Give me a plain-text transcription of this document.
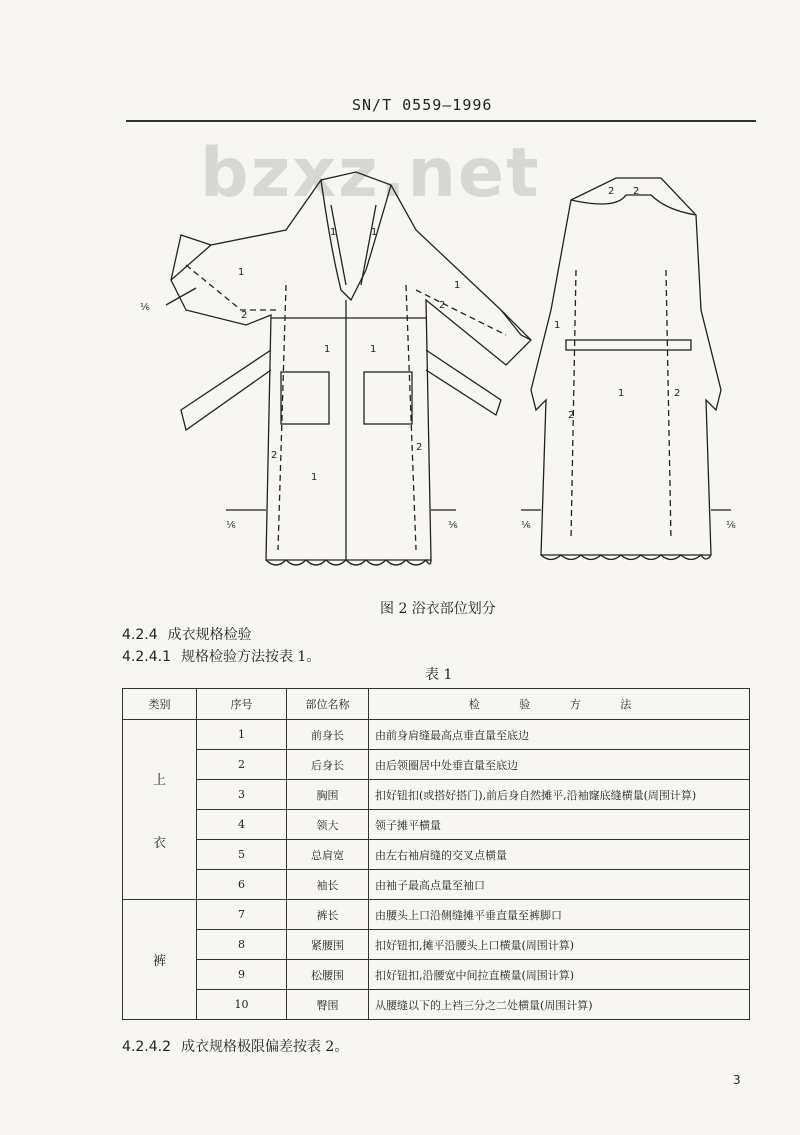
SN/T 0559—1996
bzxz.net
1	1
1
1
1	1
1
2
2
2
2
2 2
1
1
2
2
⅙
⅙	⅙	⅙	⅙
图 2 浴衣部位划分
4.2.4 成衣规格检验
4.2.4.1 规格检验方法按表 1。
表 1
类别	序号	部位名称	检 验 方 法

上
衣	1	前身长	由前身肩缝最高点垂直量至底边
	2	后身长	由后领圈居中处垂直量至底边
	3	胸围	扣好钮扣(或搭好搭门),前后身自然摊平,沿袖窿底缝横量(周围计算)
	4	领大	领子摊平横量
	5	总肩宽	由左右袖肩缝的交叉点横量
	6	袖长	由袖子最高点量至袖口
裤	7	裤长	由腰头上口沿侧缝摊平垂直量至裤脚口
	8	紧腰围	扣好钮扣,摊平沿腰头上口横量(周围计算)
	9	松腰围	扣好钮扣,沿腰宽中间拉直横量(周围计算)
	10	臀围	从腰缝以下的上裆三分之二处横量(周围计算)
4.2.4.2 成衣规格极限偏差按表 2。
3
